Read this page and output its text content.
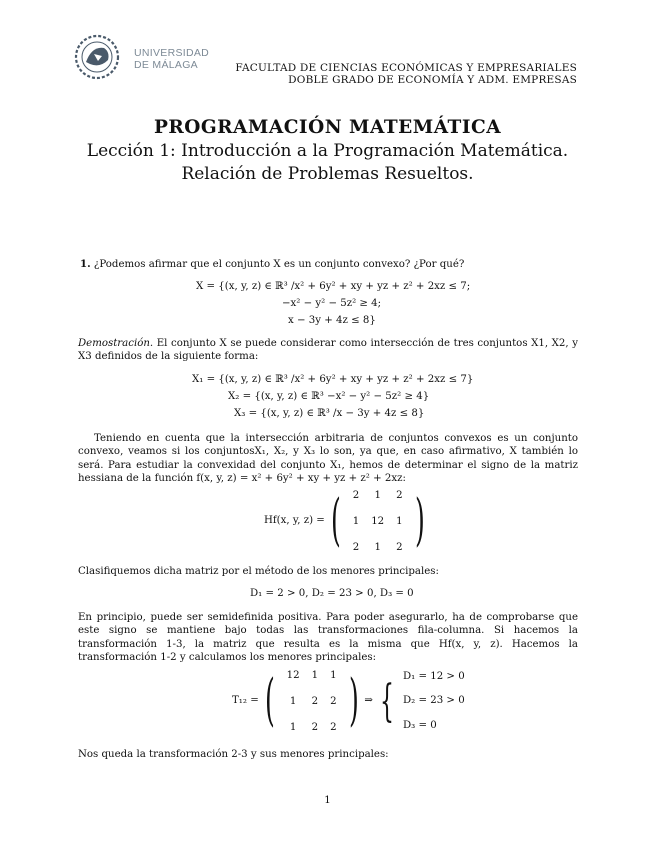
UNIVERSIDAD
DE MÁLAGA	FACULTAD DE CIENCIAS ECONÓMICAS Y EMPRESARIALES
DOBLE GRADO DE ECONOMÍA Y ADM. EMPRESAS
PROGRAMACIÓN MATEMÁTICA
Lección 1: Introducción a la Programación Matemática.
Relación de Problemas Resueltos.
1. ¿Podemos afirmar que el conjunto X es un conjunto convexo? ¿Por qué?
X = {(x, y, z) ∈ ℝ³ /x² + 6y² + xy + yz + z² + 2xz ≤ 7;
−x² − y² − 5z² ≥ 4;
x − 3y + 4z ≤ 8}
Demostración. El conjunto X se puede considerar como intersección de tres conjuntos X1, X2, y X3 definidos de la siguiente forma:
X₁ = {(x, y, z) ∈ ℝ³ /x² + 6y² + xy + yz + z² + 2xz ≤ 7}
X₂ = {(x, y, z) ∈ ℝ³ −x² − y² − 5z² ≥ 4}
X₃ = {(x, y, z) ∈ ℝ³ /x − 3y + 4z ≤ 8}
Teniendo en cuenta que la intersección arbitraria de conjuntos convexos es un conjunto convexo, veamos si los conjuntosX₁, X₂, y X₃ lo son, ya que, en caso afirmativo, X también lo será. Para estudiar la convexidad del conjunto X₁, hemos de determinar el signo de la matriz hessiana de la función f(x, y, z) = x² + 6y² + xy + yz + z² + 2xz:
Hf(x, y, z) = ( 2	1	2
1	12	1
2	1	2 )
Clasifiquemos dicha matriz por el método de los menores principales:
D₁ = 2 > 0, D₂ = 23 > 0, D₃ = 0
En principio, puede ser semidefinida positiva. Para poder asegurarlo, ha de comprobarse que este signo se mantiene bajo todas las transformaciones fila-columna. Si hacemos la transformación 1-3, la matriz que resulta es la misma que Hf(x, y, z). Hacemos la transformación 1-2 y calculamos los menores principales:
T₁₂ = ( 12	1	1
1	2	2
1	2	2 ) ⇒ { D₁ = 12 > 0
D₂ = 23 > 0
D₃ = 0
Nos queda la transformación 2-3 y sus menores principales:
1
